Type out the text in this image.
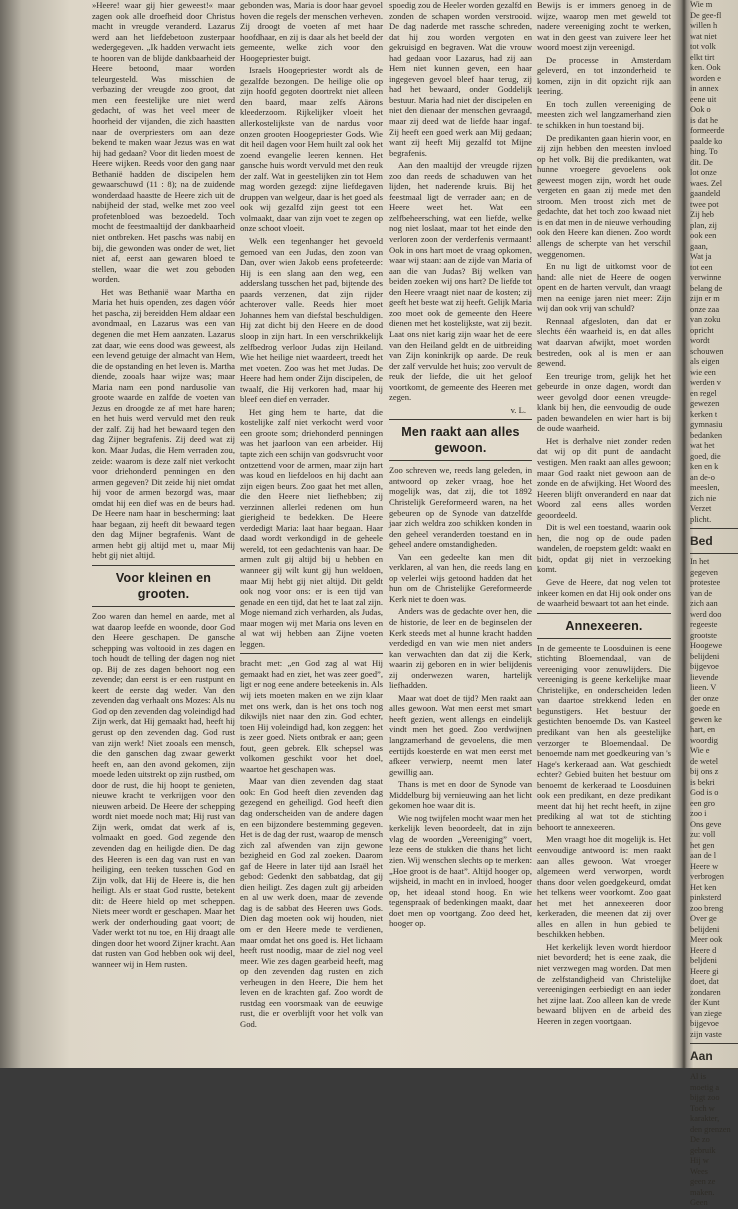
»Heere! waar gij hier geweest!« maar zagen ook alle droefheid door Christus macht in vreugde veranderd. Lazarus werd aan het liefdebetoon zusterpaar wedergegeven. „Ik hadden verwacht iets te hooren van de blijde dankbaarheid der Heere betoond, maar worden teleurgesteld. Was misschien de verbazing der vreugde zoo groot, dat men een feestelijke ure niet werd gedacht, of was het veel meer de hoorheid der vijanden, die zich haastten naar de overpriesters om aan deze bekend te maken waar Jezus was en wat hij had gedaan? Voor dit lieden moest de Heere wijken. Reeds voor den gang naar Bethanië hadden de discipelen hem gewaarschuwd (11 : 8); na de zuidende wonderdaad haastte de Heere zich uit de nabijheid der stad, welke met zoo veel profetenbloed was bezoedeld. Toch mocht de feestmaaltijd der dankbaarheid niet ontbreken. Het paschs was nabij en bij, die gewonden was onder de wet, liet niet af, eerst aan gewaren bloed te stellen, waar die wet zou geboden worden.

Het was Bethanië waar Martha en Maria het huis openden, zes dagen vóór het pascha, zij bereidden Hem aldaar een avondmaal, en Lazarus was een van degenen die met Hem aanzaten. Lazarus zat daar, wie eens dood was geweest, als een levend getuige der almacht van Hem, die de opstanding en het leven is. Martha diende, zooals haar wijze was; maar Maria nam een pond nardusolie van groote waarde en zalfde de voeten van Jezus en droogde ze af met hare haren; en het huis werd vervuld met den reuk der zalf. Zij had het bewaard tegen den dag Zijner begrafenis. Zij deed wat zij kon. Maar Judas, die Hem verraden zou, zeide: waarom is deze zalf niet verkocht voor driehonderd penningen en den armen gegeven? Dit zeide hij niet omdat hij voor de armen bezorgd was, maar omdat hij een dief was en de beurs had. De Heere nam haar in bescherming: laat haar begaan, zij heeft dit bewaard tegen den dag Mijner begrafenis. Want de armen hebt gij altijd met u, maar Mij hebt gij niet altijd.

Voor kleinen en grooten.

Zoo waren dan hemel en aarde, met al wat daarop leefde en woonde, door God den Heere geschapen. De gansche schepping was voltooid in zes dagen en toch houdt de telling der dagen nog niet op. Bij de zes dagen behoort nog een zevende; dan eerst is er een rustpunt en keert de eerste dag weder. Van den zevenden dag verhaalt ons Mozes: Als nu God op den zevenden dag voleindigd had Zijn werk, dat Hij gemaakt had, heeft hij gerust op den zevenden dag. God rust van zijn werk! Niet zooals een mensch, die den ganschen dag zwaar gewerkt heeft en, aan den avond gekomen, zijn moede leden uitstrekt op zijn rustbed, om door de rust, die hij hoopt te genieten, nieuwe kracht te verkrijgen voor den nieuwen arbeid. De Heere der schepping wordt niet moede noch mat; Hij rust van Zijn werk, omdat dat werk af is, volmaakt en goed. God zegende den zevenden dag en heiligde dien. De dag des Heeren is een dag van rust en van heiliging, een teeken tusschen God en Zijn volk, dat Hij de Heere is, die hen heiligt. Als er staat God rustte, betekent dit: de Heere hield op met scheppen. Niets meer wordt er geschapen. Maar het werk der onderhouding gaat voort; de Vader werkt tot nu toe, en Hij draagt alle dingen door het woord Zijner kracht. Aan dat rusten van God hebben ook wij deel, wanneer wij in Hem rusten.

gebonden was, Maria is door haar gevoel hoven die regels der menschen verheven. Zij droogt de voeten af met haar hoofdhaar, en zij is daar als het beeld der gemeente, welke zich voor den Hoogepriester buigt.

Israels Hoogepriester wordt als de gezalfde bezongen. De heilige olie op zijn hoofd gegoten doortrekt niet alleen den baard, maar zelfs Aärons kleederzoom. Rijkelijker vloeit het allerkostelijkste van de nardus voor onzen grooten Hoogepriester Gods. Wie dit heil dagen voor Hem huilt zal ook het zoend evangelie leeren kennen. Het gansche huis wordt vervuld met den reuk der zalf. Wat in geestelijken zin tot Hem mag worden gezegd: zijne liefdegaven druppen van welgeur, daar is het goed als ook wij gezalfd zijn geest tot een volmaakt, daar van zijn voet te zegen op onze schoot vloeit.

Welk een tegenhanger het gevoeld gemoed van een Judas, den zoon van Dan, over wien Jakob eens profeteerde: Hij is een slang aan den weg, een adderslang tusschen het pad, bijtende des paards verzenen, dat zijn rijder achterover valle. Reeds hier moet Johannes hem van diefstal beschuldigen. Hij zat dicht bij den Heere en de dood sloop in zijn hart. In een verschrikkelijk zelfbedrog verloor Judas zijn Heiland. Wie het heilige niet waardeert, treedt het met voeten. Zoo was het met Judas. De Heere had hem onder Zijn discipelen, de twaalf, die Hij verkoren had, maar hij bleef een dief en verrader.

Het ging hem te harte, dat die kostelijke zalf niet verkocht werd voor een groote som; driehonderd penningen was het jaarloon van een arbeider. Hij tapte zich een schijn van godsvrucht voor ontzettend voor de armen, maar zijn hart was koud en liefdeloos en hij dacht aan zijn eigen beurs. Zoo gaat het met allen, die den Heere niet liefhebben; zij verzinnen allerlei redenen om hun gierigheid te bedekken. De Heere verdedigt Maria: laat haar begaan. Haar daad wordt verkondigd in de geheele wereld, tot een gedachtenis van haar. De armen zult gij altijd bij u hebben en wanneer gij wilt kunt gij hun weldoen, maar Mij hebt gij niet altijd. Dit geldt ook nog voor ons: er is een tijd van genade en een tijd, dat het te laat zal zijn. Moge niemand zich verharden, als Judas, maar mogen wij met Maria ons leven en al wat wij hebben aan Zijne voeten leggen.

bracht met: „en God zag al wat Hij gemaakt had en ziet, het was zeer goed”, ligt er nog eene andere beteekenis in. Als wij iets moeten maken en we zijn klaar met ons werk, dan is het ons toch nog dikwijls niet naar den zin. God echter, toen Hij voleindigd had, kon zeggen: het is zeer goed. Niets ontbrak er aan; geen fout, geen gebrek. Elk schepsel was volkomen geschikt voor het doel, waartoe het geschapen was.

Maar van dien zevenden dag staat ook: En God heeft dien zevenden dag gezegend en geheiligd. God heeft dien dag onderscheiden van de andere dagen en een bijzondere bestemming gegeven. Het is de dag der rust, waarop de mensch zich zal afwenden van zijn gewone bezigheid en God zal zoeken. Daarom gaf de Heere in later tijd aan Israël het gebod: Gedenkt den sabbatdag, dat gij dien heiligt. Zes dagen zult gij arbeiden en al uw werk doen, maar de zevende dag is de sabbat des Heeren uws Gods. Dien dag moeten ook wij houden, niet om er den Heere mede te verdienen, maar omdat het ons goed is. Het lichaam heeft rust noodig, maar de ziel nog veel meer. Wie zes dagen gearbeid heeft, mag op den zevenden dag rusten en zich verheugen in den Heere, Die hem het leven en de krachten gaf. Zoo wordt de rustdag een voorsmaak van de eeuwige rust, die er overblijft voor het volk van God.

spoedig zou de Heeler worden gezalfd en zonden de schapen worden verstrooid. De dag naderde met rassche schreden, dat hij zou worden vergoten en gekruisigd en begraven. Wat die vrouw had gedaan voor Lazarus, had zij aan Hem niet kunnen geven, een haar ingegeven gevoel bleef haar terug, zij had het bewaard, onder Goddelijk bestuur. Maria had niet der discipelen en niet den dienaar der menschen gevraagd, maar zij deed wat de liefde haar ingaf. Zij heeft een goed werk aan Mij gedaan; want zij heeft Mij gezalfd tot Mijne begrafenis.

Aan den maaltijd der vreugde rijzen zoo dan reeds de schaduwen van het lijden, het naderende kruis. Bij het feestmaal ligt de verrader aan; en de Heere weet het. Wat een zelfbeheersching, wat een liefde, welke nog niet loslaat, maar tot het einde den verloren zoon der verderfenis vermaant! Ook in ons hart moet de vraag opkomen, waar wij staan: aan de zijde van Maria of aan die van Judas? Bij welken van beiden zoeken wij ons hart? De liefde tot den Heere vraagt niet naar de kosten; zij geeft het beste wat zij heeft. Gelijk Maria zoo moet ook de gemeente den Heere dienen met het kostelijkste, wat zij bezit. Laat ons niet karig zijn waar het de eere van den Heiland geldt en de uitbreiding van Zijn koninkrijk op aarde. De reuk der zalf vervulde het huis; zoo vervult de reuk der liefde, die uit het geloof voortkomt, de gemeente des Heeren met zegen.

v. L.
Men raakt aan alles gewoon.

Zoo schreven we, reeds lang geleden, in antwoord op zeker vraag, hoe het mogelijk was, dat zij, die tot 1892 Christelijk Gereformeerd waren, na het gebeuren op de Synode van datzelfde jaar zich weldra zoo schikken konden in den geheel veranderden toestand en in geheel andere omstandigheden.

Van een gedeelte kan men dit verklaren, al van hen, die reeds lang en op velerlei wijs getoond hadden dat het hun om de Christelijke Gereformeerde Kerk niet te doen was.

Anders was de gedachte over hen, die de historie, de leer en de beginselen der Kerk steeds met al hunne kracht hadden verdedigd en van wie men niet anders kan verwachten dan dat zij die Kerk, waarin zij geboren en in wier belijdenis zij onderwezen waren, hartelijk liefhadden.

Maar wat doet de tijd? Men raakt aan alles gewoon. Wat men eerst met smart heeft gezien, went allengs en eindelijk vindt men het goed. Zoo verdwijnen langzamerhand de gevoelens, die men eertijds koesterde en wat men eerst met afkeer verwierp, neemt men later gewillig aan.

Thans is met en door de Synode van Middelburg bij vernieuwing aan het licht gekomen hoe waar dit is.

Wie nog twijfelen mocht waar men het kerkelijk leven beoordeelt, dat in zijn vlag de woorden „Vereeniging” voert, leze eens de stukken die thans het licht zien. Wij wenschen slechts op te merken: „Hoe groot is de haat”. Altijd hooger op, wijsheid, in macht en in invloed, hooger op, het ideaal stond hoog. En wie tegenspraak of bedenkingen maakt, daar doet men op voortgang. Zoo deed het, hooger op.

Bewijs is er immers genoeg in de wijze, waarop men met geweld tot nadere vereeniging zocht te werken, wat in den geest van zuivere leer het woord moest zijn vereenigd.

De processe in Amsterdam geleverd, en tot inzonderheid te komen, zijn in dit opzicht rijk aan leering.

En toch zullen vereeniging de meesten zich wel langzamerhand zien te schikken in hun toestand bij.

De predikanten gaan hierin voor, en zij zijn hebben den meesten invloed op het volk. Bij die predikanten, wat hunne vroegere gevoelens ook geweest mogen zijn, wordt het oude vergeten en gaan zij mede met den stroom. Men troost zich met de gedachte, dat het toch zoo kwaad niet is en dat men in de nieuwe verhouding ook den Heere kan dienen. Zoo wordt allengs de scherpte van het verschil weggenomen.

En nu ligt de uitkomst voor de hand: alle niet de Heere de oogen opent en de harten vervult, dan vraagt men na eenige jaren niet meer: Zijn wij dan ook vrij van schuld?

Rennaal afgesloten, dan dat er slechts één waarheid is, en dat alles wat daarvan afwijkt, moet worden bestreden, ook al is men er aan gewend.

Een treurige trom, gelijk het het gebeurde in onze dagen, wordt dan weer gevolgd door eenen vreugde-klank bij hen, die eenvoudig de oude paden bewandelen en wier hart is bij de oude waarheid.

Het is derhalve niet zonder reden dat wij op dit punt de aandacht vestigen. Men raakt aan alles gewoon; maar God raakt niet gewoon aan de zonde en de afwijking. Het Woord des Heeren blijft onveranderd en naar dat Woord zal eens alles worden geoordeeld.

Dit is wel een toestand, waarin ook hen, die nog op de oude paden wandelen, de roepstem geldt: waakt en bidt, opdat gij niet in verzoeking komt.

Geve de Heere, dat nog velen tot inkeer komen en dat Hij ook onder ons de waarheid bewaart tot aan het einde.

Annexeeren.

In de gemeente te Loosduinen is eene stichting Bloemendaal, van de vereeniging voor zenuwlijders. Die vereeniging is geene kerkelijke maar Christelijke, en onderscheiden leden van daartoe strekkend leden en begunstigers. Het bestuur der gestichten benoemde Ds. van Kasteel predikant van hen als geestelijke verzorger te Bloemendaal. De benoemde nam met goedkeuring van 's Hage's kerkeraad aan. Wat geschiedt echter? Gebied buiten het bestuur om benoemt de kerkeraad te Loosduinen ook een predikant, en deze predikant meent dat hij het recht heeft, in zijne prediking al wat tot de stichting behoort te annexeeren.

Men vraagt hoe dit mogelijk is. Het eenvoudige antwoord is: men raakt aan alles gewoon. Wat vroeger algemeen werd verworpen, wordt thans door velen goedgekeurd, omdat het telkens weer voorkomt. Zoo gaat het met het annexeeren door kerkeraden, die meenen dat zij over alles en allen in hun gebied te beschikken hebben.

Het kerkelijk leven wordt hierdoor niet bevorderd; het is eene zaak, die niet verzwegen mag worden. Dat men de zelfstandigheid van Christelijke vereenigingen eerbiedigt en aan ieder het zijne laat. Zoo alleen kan de vrede bewaard blijven en de arbeid des Heeren in zegen voortgaan.

Wie m
De gee-fl
willen h
wat niet
tot volk
elkt tirt
ken. Ook
worden e
in annex
eene uit
Ook o
is dat he
formeerde
paalde ko
hing. To
dit. De
lot onze
waes. Zel
gaandeld
twee pot
Zij heb
plan, zij
ook een
gaan,
Wat ja
tot een
verwinne
belang de
zijn er m
onze zaa
van zoku
opricht
wordt
schouwen
als eigen
wie een
werden v
en regel
gewezen
kerken t
gymnasiu
bedanken
wat het
goed, die
ken en k
an de-o
meeslen,
zich nie
Verzet
plicht.
Bed
In het
gegeven
protestee
van de
zich aan
werd doo
regeeste
grootste
Hoogewe
belijdeni
bijgevoe
lievende
lieen. V
der onze
goede en
gewen ke
hart, en
woordig
Wie e
de wetel
bij ons z
is bekri
God is o
een gro
zoo i
Ons geve
zu: voll
het gen
aan de l
Heere w
verbrogen
Het ken
pinksterd
zoo breng
Over ge
belijdeni
Meer ook
Heere d
beljdeni
Heere gi
doet, dat
zondaren
der Kunt
van ziege
bijgevoe
zijn vaste
Aan
Al is
moetig a
bijgt zoo
Toch w
karakter,
den grenzen
De zo
gebruik
Hij w
Wees
geen ze
maken.
Geen
